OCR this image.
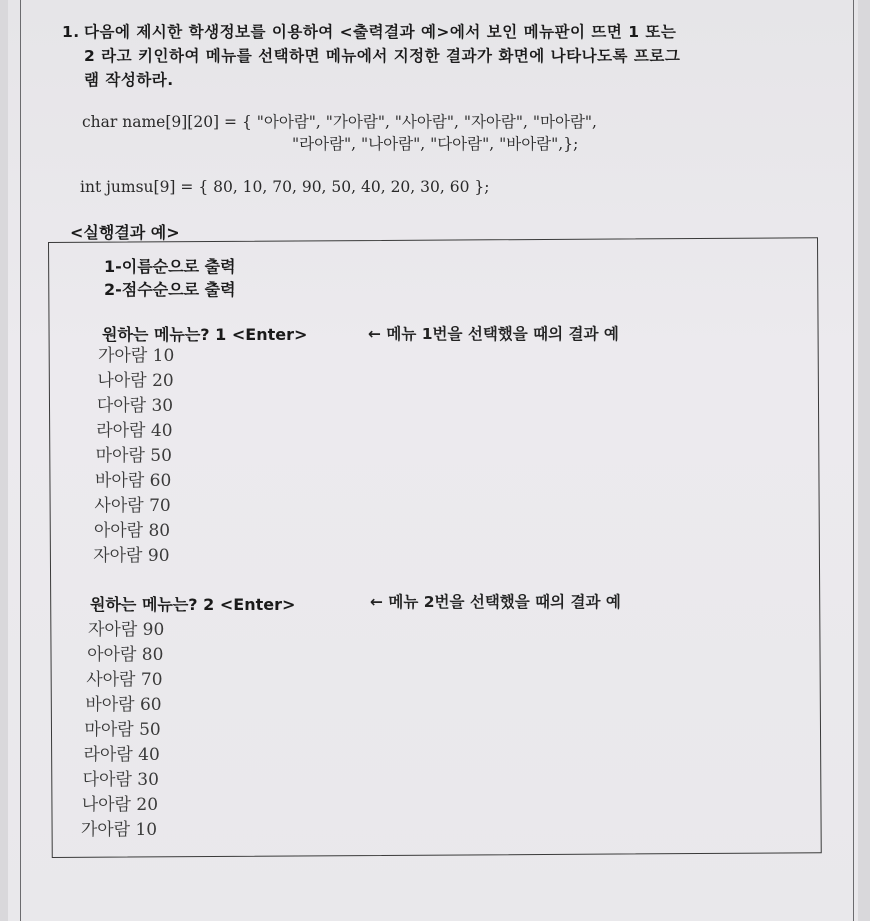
1. 다음에 제시한 학생정보를 이용하여 <출력결과 예>에서 보인 메뉴판이 뜨면 1 또는
2 라고 키인하여 메뉴를 선택하면 메뉴에서 지정한 결과가 화면에 나타나도록 프로그
램 작성하라.
char name[9][20] = { "아아람", "가아람", "사아람", "자아람", "마아람",
"라아람", "나아람", "다아람", "바아람",};
int jumsu[9] = { 80, 10, 70, 90, 50, 40, 20, 30, 60 };
<실행결과 예>
1-이름순으로 출력
2-점수순으로 출력
원하는 메뉴는? 1 <Enter>	← 메뉴 1번을 선택했을 때의 결과 예
가아람 10
나아람 20
다아람 30
라아람 40
마아람 50
바아람 60
사아람 70
아아람 80
자아람 90
원하는 메뉴는? 2 <Enter>	← 메뉴 2번을 선택했을 때의 결과 예
자아람 90
아아람 80
사아람 70
바아람 60
마아람 50
라아람 40
다아람 30
나아람 20
가아람 10
